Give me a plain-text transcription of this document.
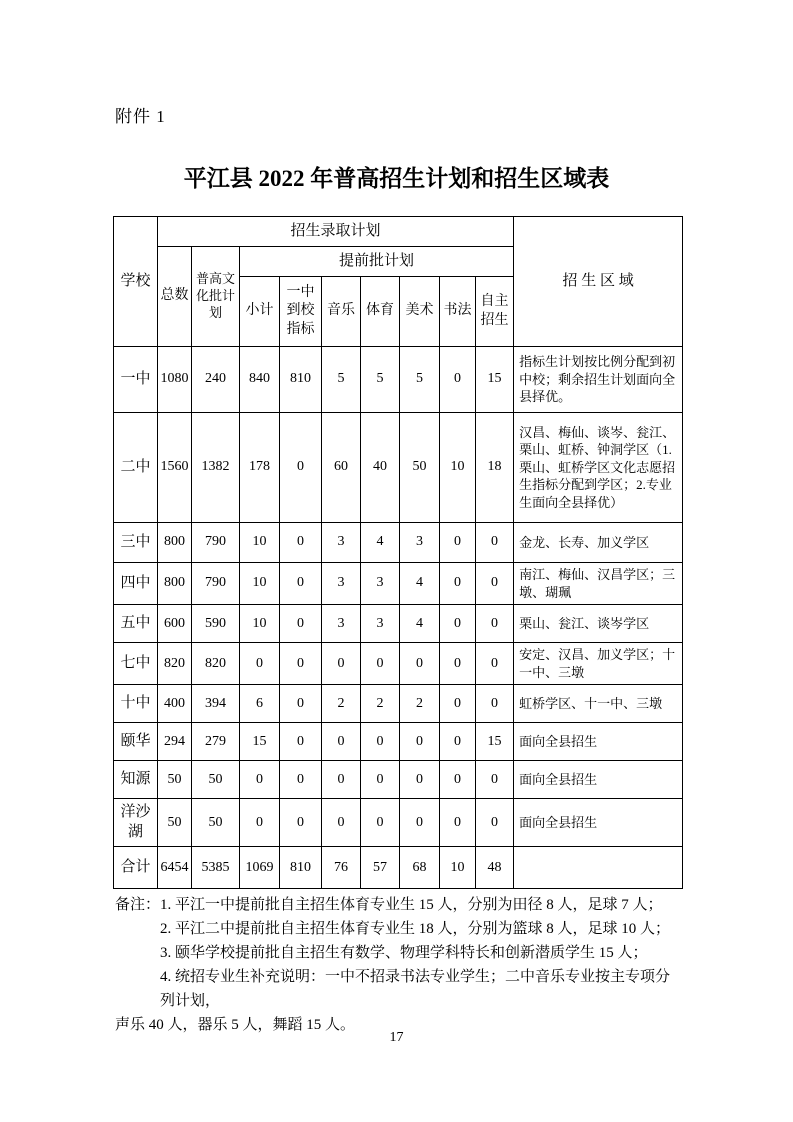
附件 1
平江县 2022 年普高招生计划和招生区域表
学校	招生录取计划									招 生 区 域
	总数	普高文化批计划	提前批计划							
			小计	一中到校指标	音乐	体育	美术	书法	自主招生	
一中	1080	240	840	810	5	5	5	0	15	指标生计划按比例分配到初中校；剩余招生计划面向全县择优。
二中	1560	1382	178	0	60	40	50	10	18	汉昌、梅仙、谈岑、瓮江、栗山、虹桥、钟洞学区（1.栗山、虹桥学区文化志愿招生指标分配到学区；2.专业生面向全县择优）
三中	800	790	10	0	3	4	3	0	0	金龙、长寿、加义学区
四中	800	790	10	0	3	3	4	0	0	南江、梅仙、汉昌学区；三墩、瑚珮
五中	600	590	10	0	3	3	4	0	0	栗山、瓮江、谈岑学区
七中	820	820	0	0	0	0	0	0	0	安定、汉昌、加义学区；十一中、三墩
十中	400	394	6	0	2	2	2	0	0	虹桥学区、十一中、三墩
颐华	294	279	15	0	0	0	0	0	15	面向全县招生
知源	50	50	0	0	0	0	0	0	0	面向全县招生
洋沙湖	50	50	0	0	0	0	0	0	0	面向全县招生
合计	6454	5385	1069	810	76	57	68	10	48	
备注：1. 平江一中提前批自主招生体育专业生 15 人，分别为田径 8 人，足球 7 人；
2. 平江二中提前批自主招生体育专业生 18 人，分别为篮球 8 人，足球 10 人；
3. 颐华学校提前批自主招生有数学、物理学科特长和创新潜质学生 15 人；
4. 统招专业生补充说明：一中不招录书法专业学生；二中音乐专业按主专项分列计划，
声乐 40 人，器乐 5 人，舞蹈 15 人。
17
